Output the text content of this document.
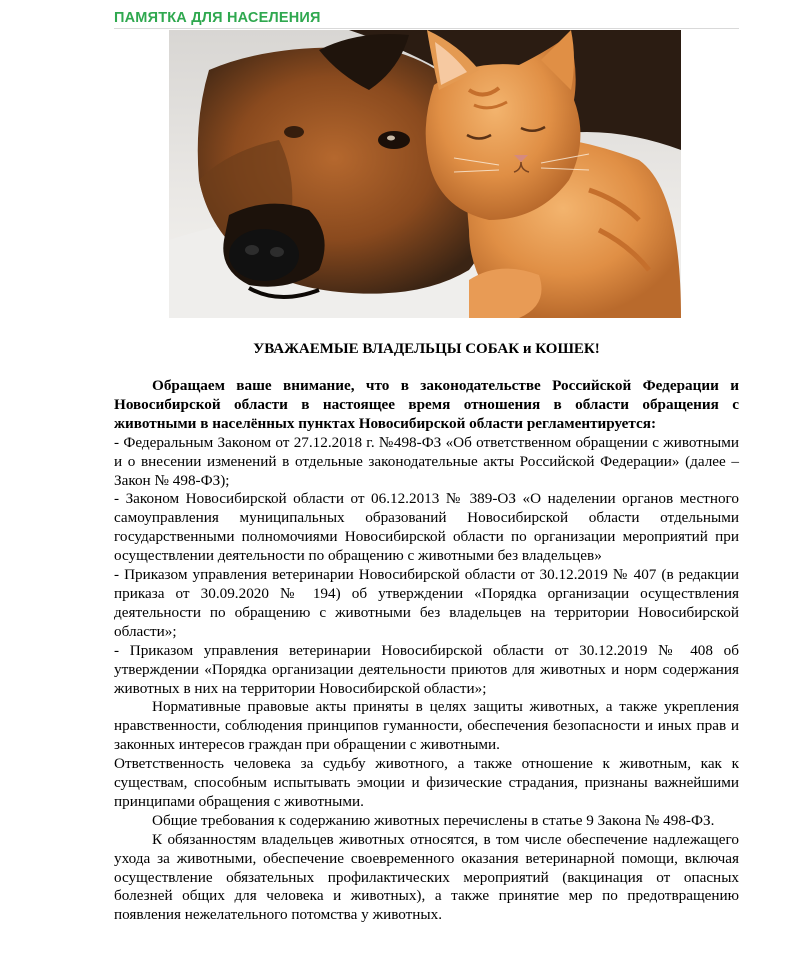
ПАМЯТКА ДЛЯ НАСЕЛЕНИЯ
УВАЖАЕМЫЕ ВЛАДЕЛЬЦЫ СОБАК и КОШЕК!

Обращаем ваше внимание, что в законодательстве Российской Федерации и Новосибирской области в настоящее время отношения в области обращения с животными в населённых пунктах Новосибирской области регламентируется:

- Федеральным Законом от 27.12.2018 г. №498-ФЗ «Об ответственном обращении с животными и о внесении изменений в отдельные законодательные акты Российской Федерации» (далее – Закон № 498-ФЗ);

- Законом Новосибирской области от 06.12.2013 № 389-ОЗ «О наделении органов местного самоуправления муниципальных образований Новосибирской области отдельными государственными полномочиями Новосибирской области по организации мероприятий при осуществлении деятельности по обращению с животными без владельцев»

- Приказом управления ветеринарии Новосибирской области от 30.12.2019 № 407 (в редакции приказа от 30.09.2020 № 194) об утверждении «Порядка организации осуществления деятельности по обращению с животными без владельцев на территории Новосибирской области»;

- Приказом управления ветеринарии Новосибирской области от 30.12.2019 № 408 об утверждении «Порядка организации деятельности приютов для животных и норм содержания животных в них на территории Новосибирской области»;

Нормативные правовые акты приняты в целях защиты животных, а также укрепления нравственности, соблюдения принципов гуманности, обеспечения безопасности и иных прав и законных интересов граждан при обращении с животными.

Ответственность человека за судьбу животного, а также отношение к животным, как к существам, способным испытывать эмоции и физические страдания, признаны важнейшими принципами обращения с животными.

Общие требования к содержанию животных перечислены в статье 9 Закона № 498-ФЗ.

К обязанностям владельцев животных относятся, в том числе обеспечение надлежащего ухода за животными, обеспечение своевременного оказания ветеринарной помощи, включая осуществление обязательных профилактических мероприятий (вакцинация от опасных болезней общих для человека и животных), а также принятие мер по предотвращению появления нежелательного потомства у животных.
